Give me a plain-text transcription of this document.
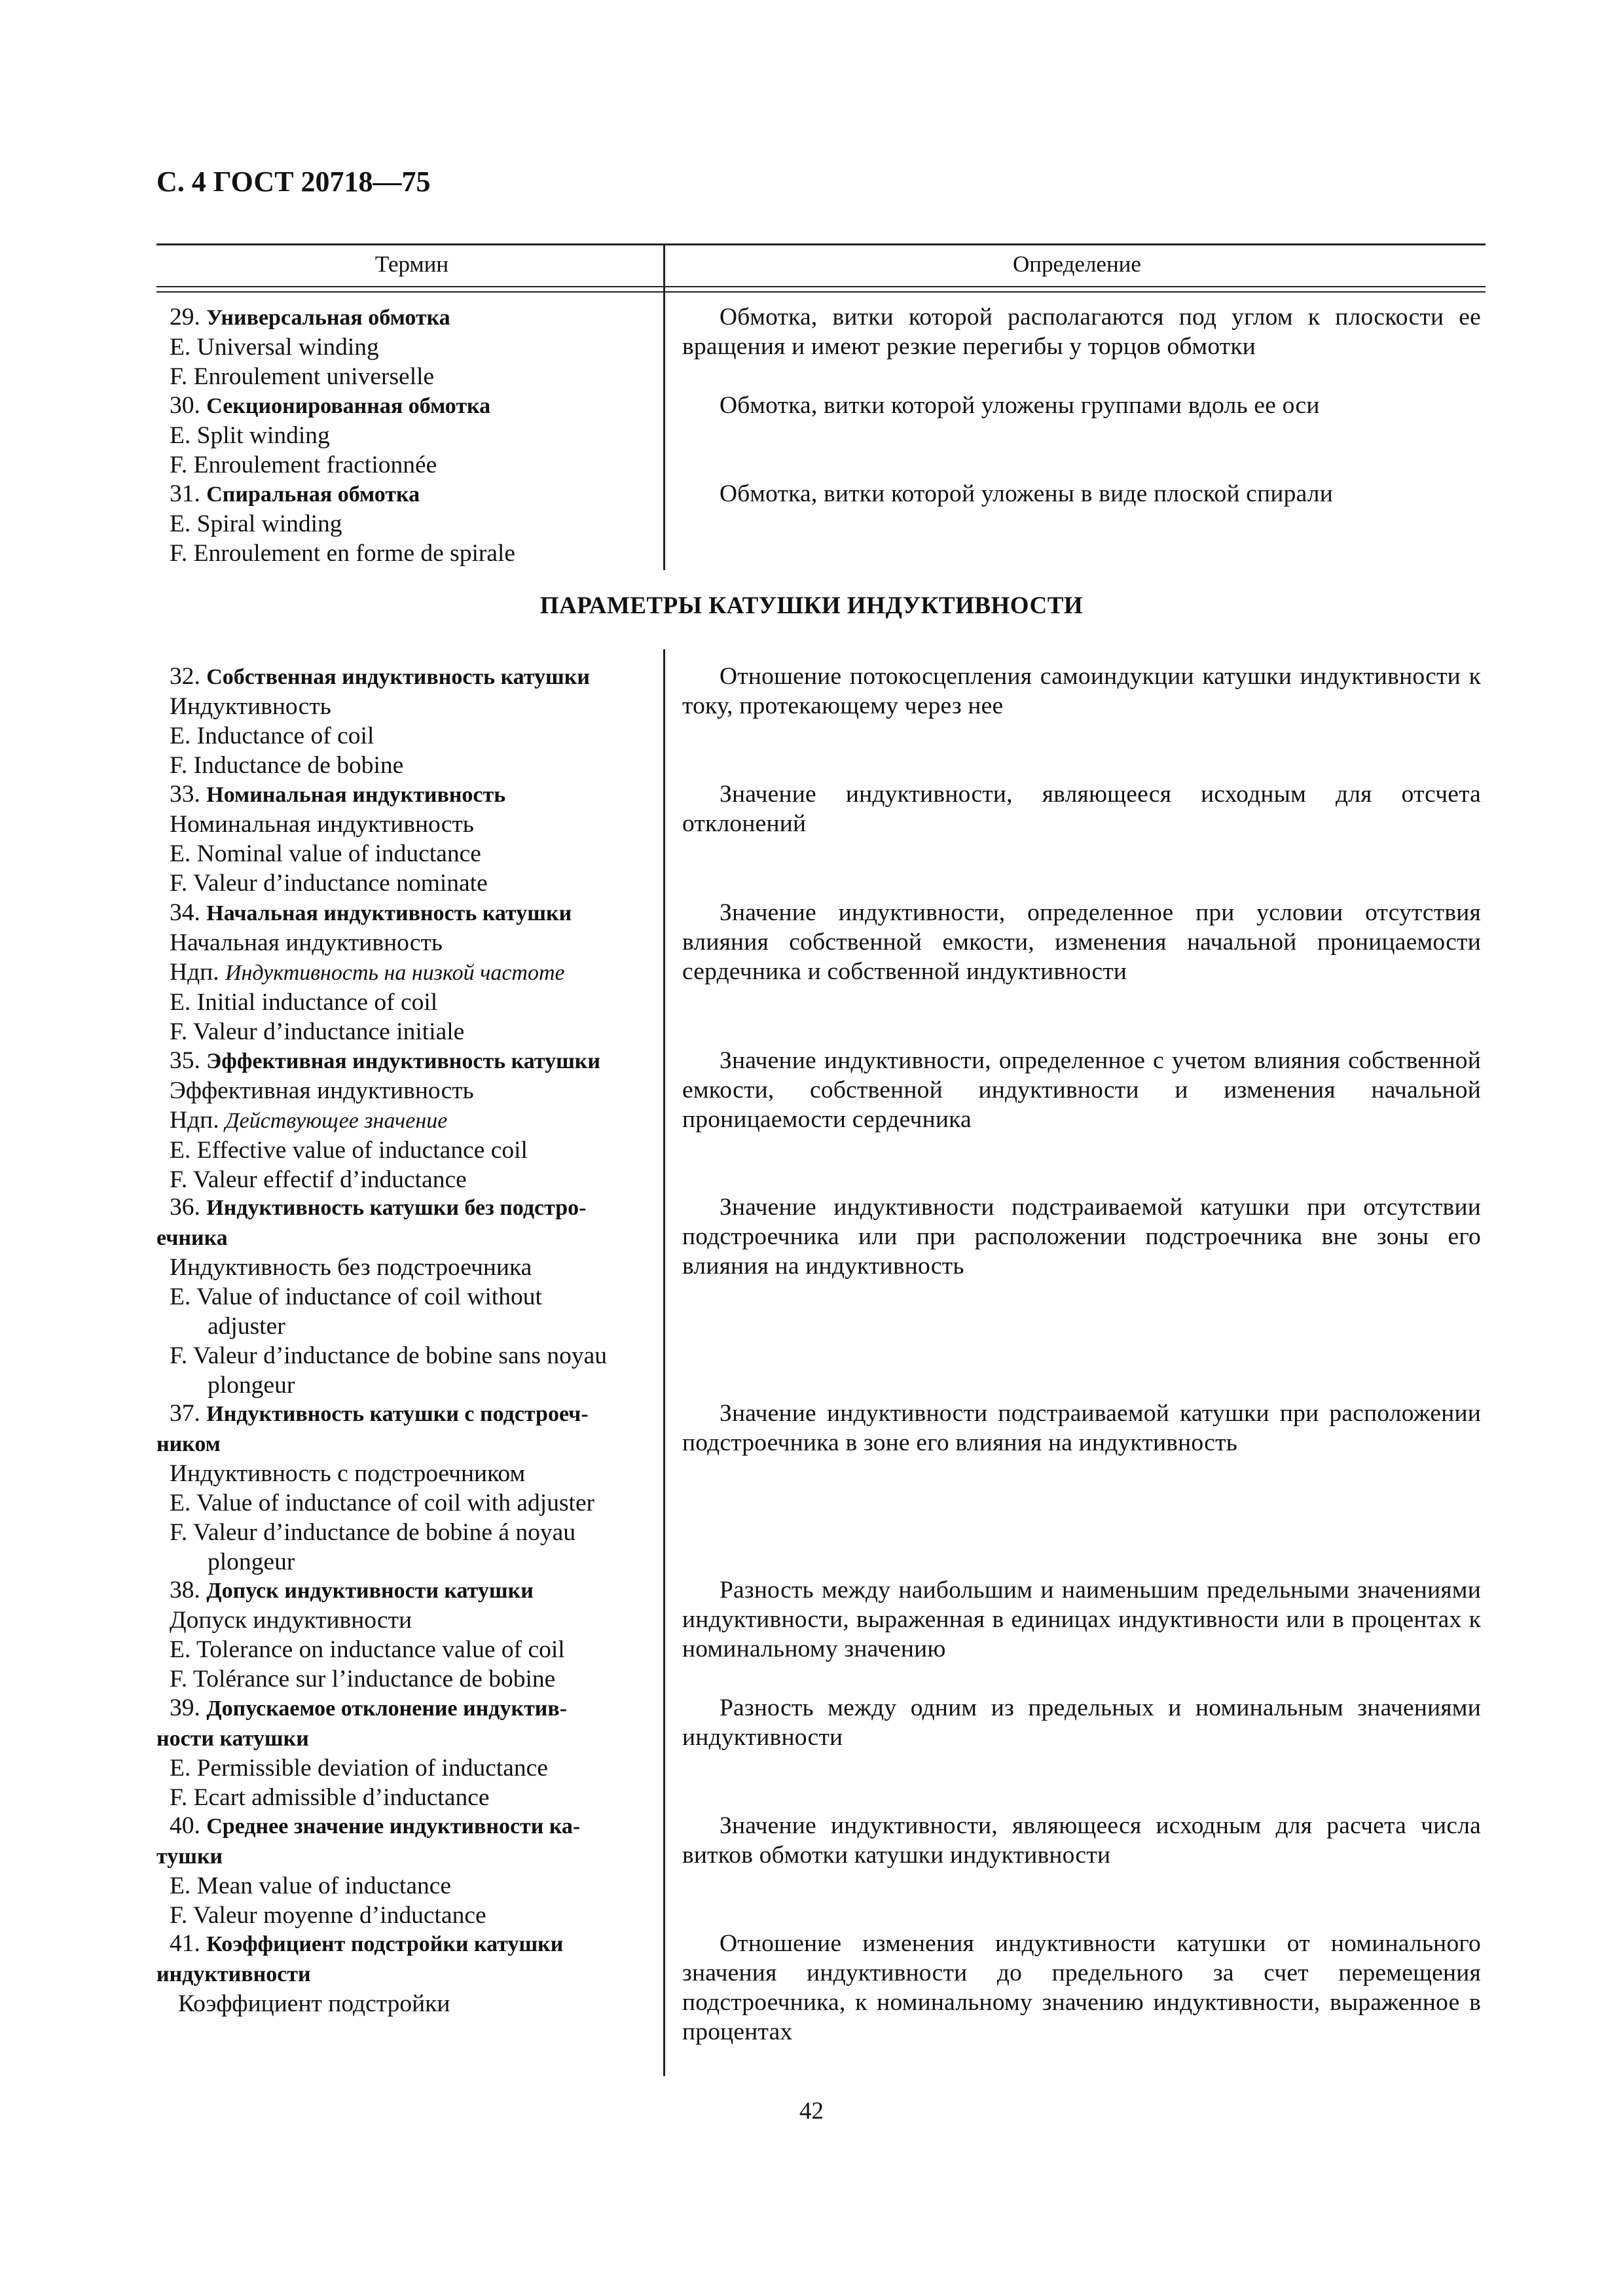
С. 4 ГОСТ 20718—75
Термин	Определение
29. Универсальная обмотка
E. Universal winding
F. Enroulement universelle
Обмотка, витки которой располагаются под углом к плоскости ее вращения и имеют резкие перегибы у торцов обмотки
30. Секционированная обмотка
E. Split winding
F. Enroulement fractionnée
Обмотка, витки которой уложены группами вдоль ее оси
31. Спиральная обмотка
E. Spiral winding
F. Enroulement en forme de spirale
Обмотка, витки которой уложены в виде плоской спирали
ПАРАМЕТРЫ КАТУШКИ ИНДУКТИВНОСТИ
32. Собственная индуктивность катушки
Индуктивность
E. Inductance of coil
F. Inductance de bobine
Отношение потокосцепления самоиндукции катушки индуктивности к току, протекающему через нее
33. Номинальная индуктивность
Номинальная индуктивность
E. Nominal value of inductance
F. Valeur d’inductance nominate
Значение индуктивности, являющееся исходным для отсчета отклонений
34. Начальная индуктивность катушки
Начальная индуктивность
Ндп. Индуктивность на низкой частоте
E. Initial inductance of coil
F. Valeur d’inductance initiale
Значение индуктивности, определенное при условии отсутствия влияния собственной емкости, изменения начальной проницаемости сердечника и собственной индуктивности
35. Эффективная индуктивность катушки
Эффективная индуктивность
Ндп. Действующее значение
E. Effective value of inductance coil
F. Valeur effectif d’inductance
Значение индуктивности, определенное с учетом влияния собственной емкости, собственной индуктивности и изменения начальной проницаемости сердечника
36. Индуктивность катушки без подстро-
ечника
Индуктивность без подстроечника
E. Value of inductance of coil without
adjuster
F. Valeur d’inductance de bobine sans noyau
plongeur
Значение индуктивности подстраиваемой катушки при отсутствии подстроечника или при расположении подстроечника вне зоны его влияния на индуктивность
37. Индуктивность катушки с подстроеч-
ником
Индуктивность с подстроечником
E. Value of inductance of coil with adjuster
F. Valeur d’inductance de bobine á noyau
plongeur
Значение индуктивности подстраиваемой катушки при расположении подстроечника в зоне его влияния на индуктивность
38. Допуск индуктивности катушки
Допуск индуктивности
E. Tolerance on inductance value of coil
F. Tolérance sur l’inductance de bobine
Разность между наибольшим и наименьшим предельными значениями индуктивности, выраженная в единицах индуктивности или в процентах к номинальному значению
39. Допускаемое отклонение индуктив-
ности катушки
E. Permissible deviation of inductance
F. Ecart admissible d’inductance
Разность между одним из предельных и номинальным значениями индуктивности
40. Среднее значение индуктивности ка-
тушки
E. Mean value of inductance
F. Valeur moyenne d’inductance
Значение индуктивности, являющееся исходным для расчета числа витков обмотки катушки индуктивности
41. Коэффициент подстройки катушки
индуктивности
Коэффициент подстройки
Отношение изменения индуктивности катушки от номинального значения индуктивности до предельного за счет перемещения подстроечника, к номинальному значению индуктивности, выраженное в процентах
42
